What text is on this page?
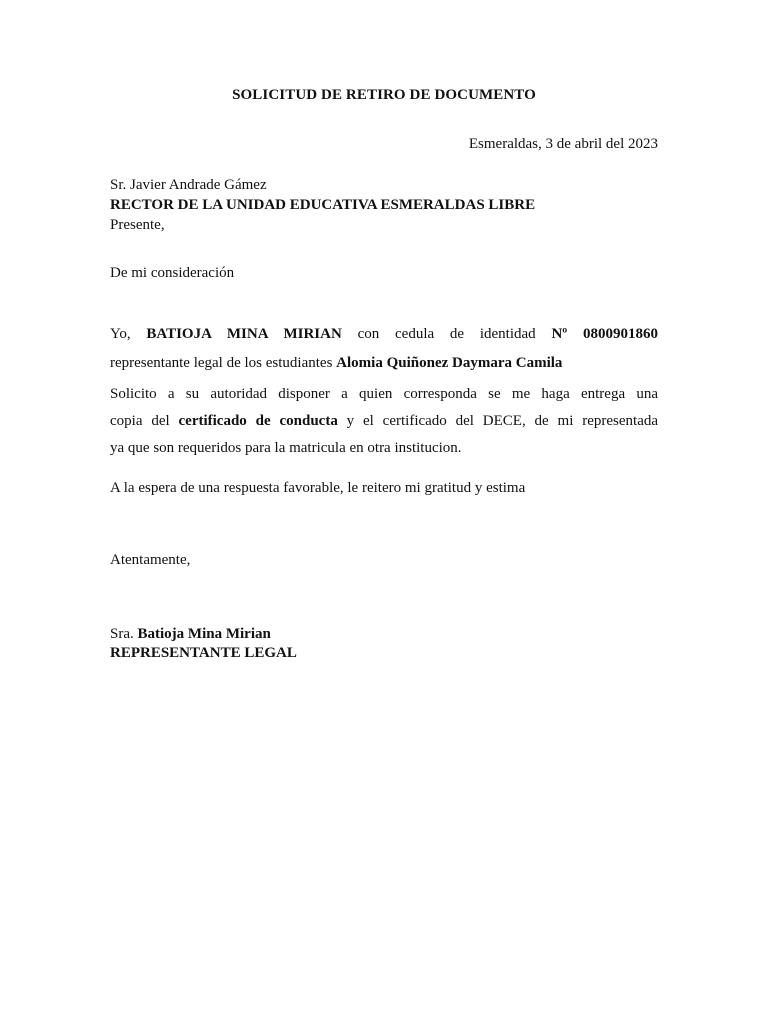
SOLICITUD DE RETIRO DE DOCUMENTO
Esmeraldas, 3 de abril del 2023
Sr. Javier Andrade Gámez
RECTOR DE LA UNIDAD EDUCATIVA ESMERALDAS LIBRE
Presente,
De mi consideración
Yo, BATIOJA MINA MIRIAN con cedula de identidad Nº 0800901860
representante legal de los estudiantes Alomia Quiñonez Daymara Camila
Solicito a su autoridad disponer a quien corresponda se me haga entrega una
copia del certificado de conducta y el certificado del DECE, de mi representada
ya que son requeridos para la matricula en otra institucion.
A la espera de una respuesta favorable, le reitero mi gratitud y estima
Atentamente,
Sra. Batioja Mina Mirian
REPRESENTANTE LEGAL
